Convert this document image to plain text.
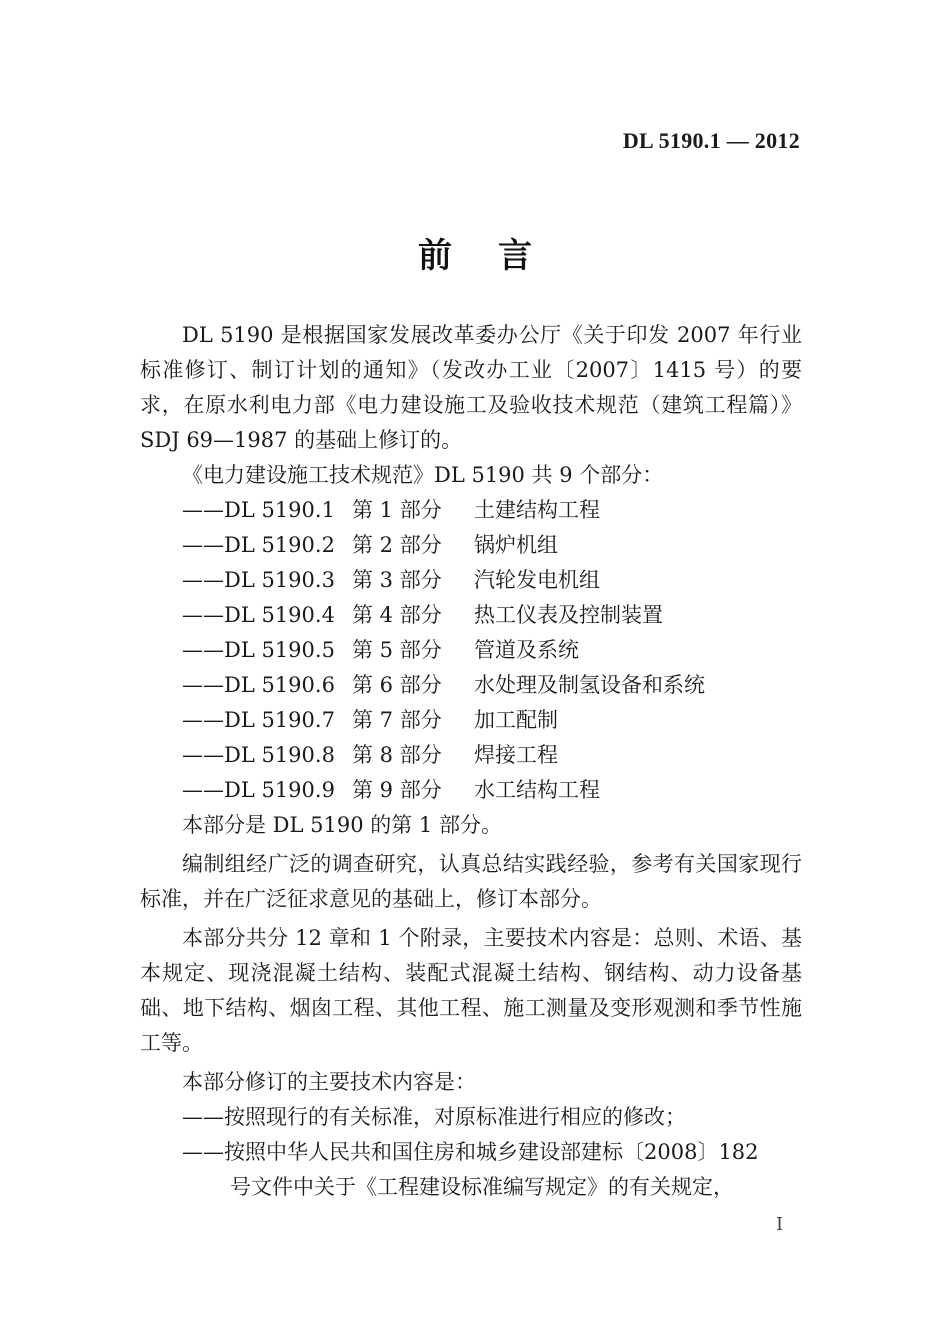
DL 5190.1 — 2012
前 言

DL 5190 是根据国家发展改革委办公厅《关于印发 2007 年行业标准修订、制订计划的通知》（发改办工业〔2007〕1415 号）的要求，在原水利电力部《电力建设施工及验收技术规范（建筑工程篇）》SDJ 69—1987 的基础上修订的。

《电力建设施工技术规范》DL 5190 共 9 个部分：

——DL 5190.1 第 1 部分	土建结构工程
——DL 5190.2 第 2 部分	锅炉机组
——DL 5190.3 第 3 部分	汽轮发电机组
——DL 5190.4 第 4 部分	热工仪表及控制装置
——DL 5190.5 第 5 部分	管道及系统
——DL 5190.6 第 6 部分	水处理及制氢设备和系统
——DL 5190.7 第 7 部分	加工配制
——DL 5190.8 第 8 部分	焊接工程
——DL 5190.9 第 9 部分	水工结构工程

本部分是 DL 5190 的第 1 部分。

编制组经广泛的调查研究，认真总结实践经验，参考有关国家现行标准，并在广泛征求意见的基础上，修订本部分。

本部分共分 12 章和 1 个附录，主要技术内容是：总则、术语、基本规定、现浇混凝土结构、装配式混凝土结构、钢结构、动力设备基础、地下结构、烟囱工程、其他工程、施工测量及变形观测和季节性施工等。

本部分修订的主要技术内容是：

——按照现行的有关标准，对原标准进行相应的修改；

——按照中华人民共和国住房和城乡建设部建标〔2008〕182
号文件中关于《工程建设标准编写规定》的有关规定，

I
